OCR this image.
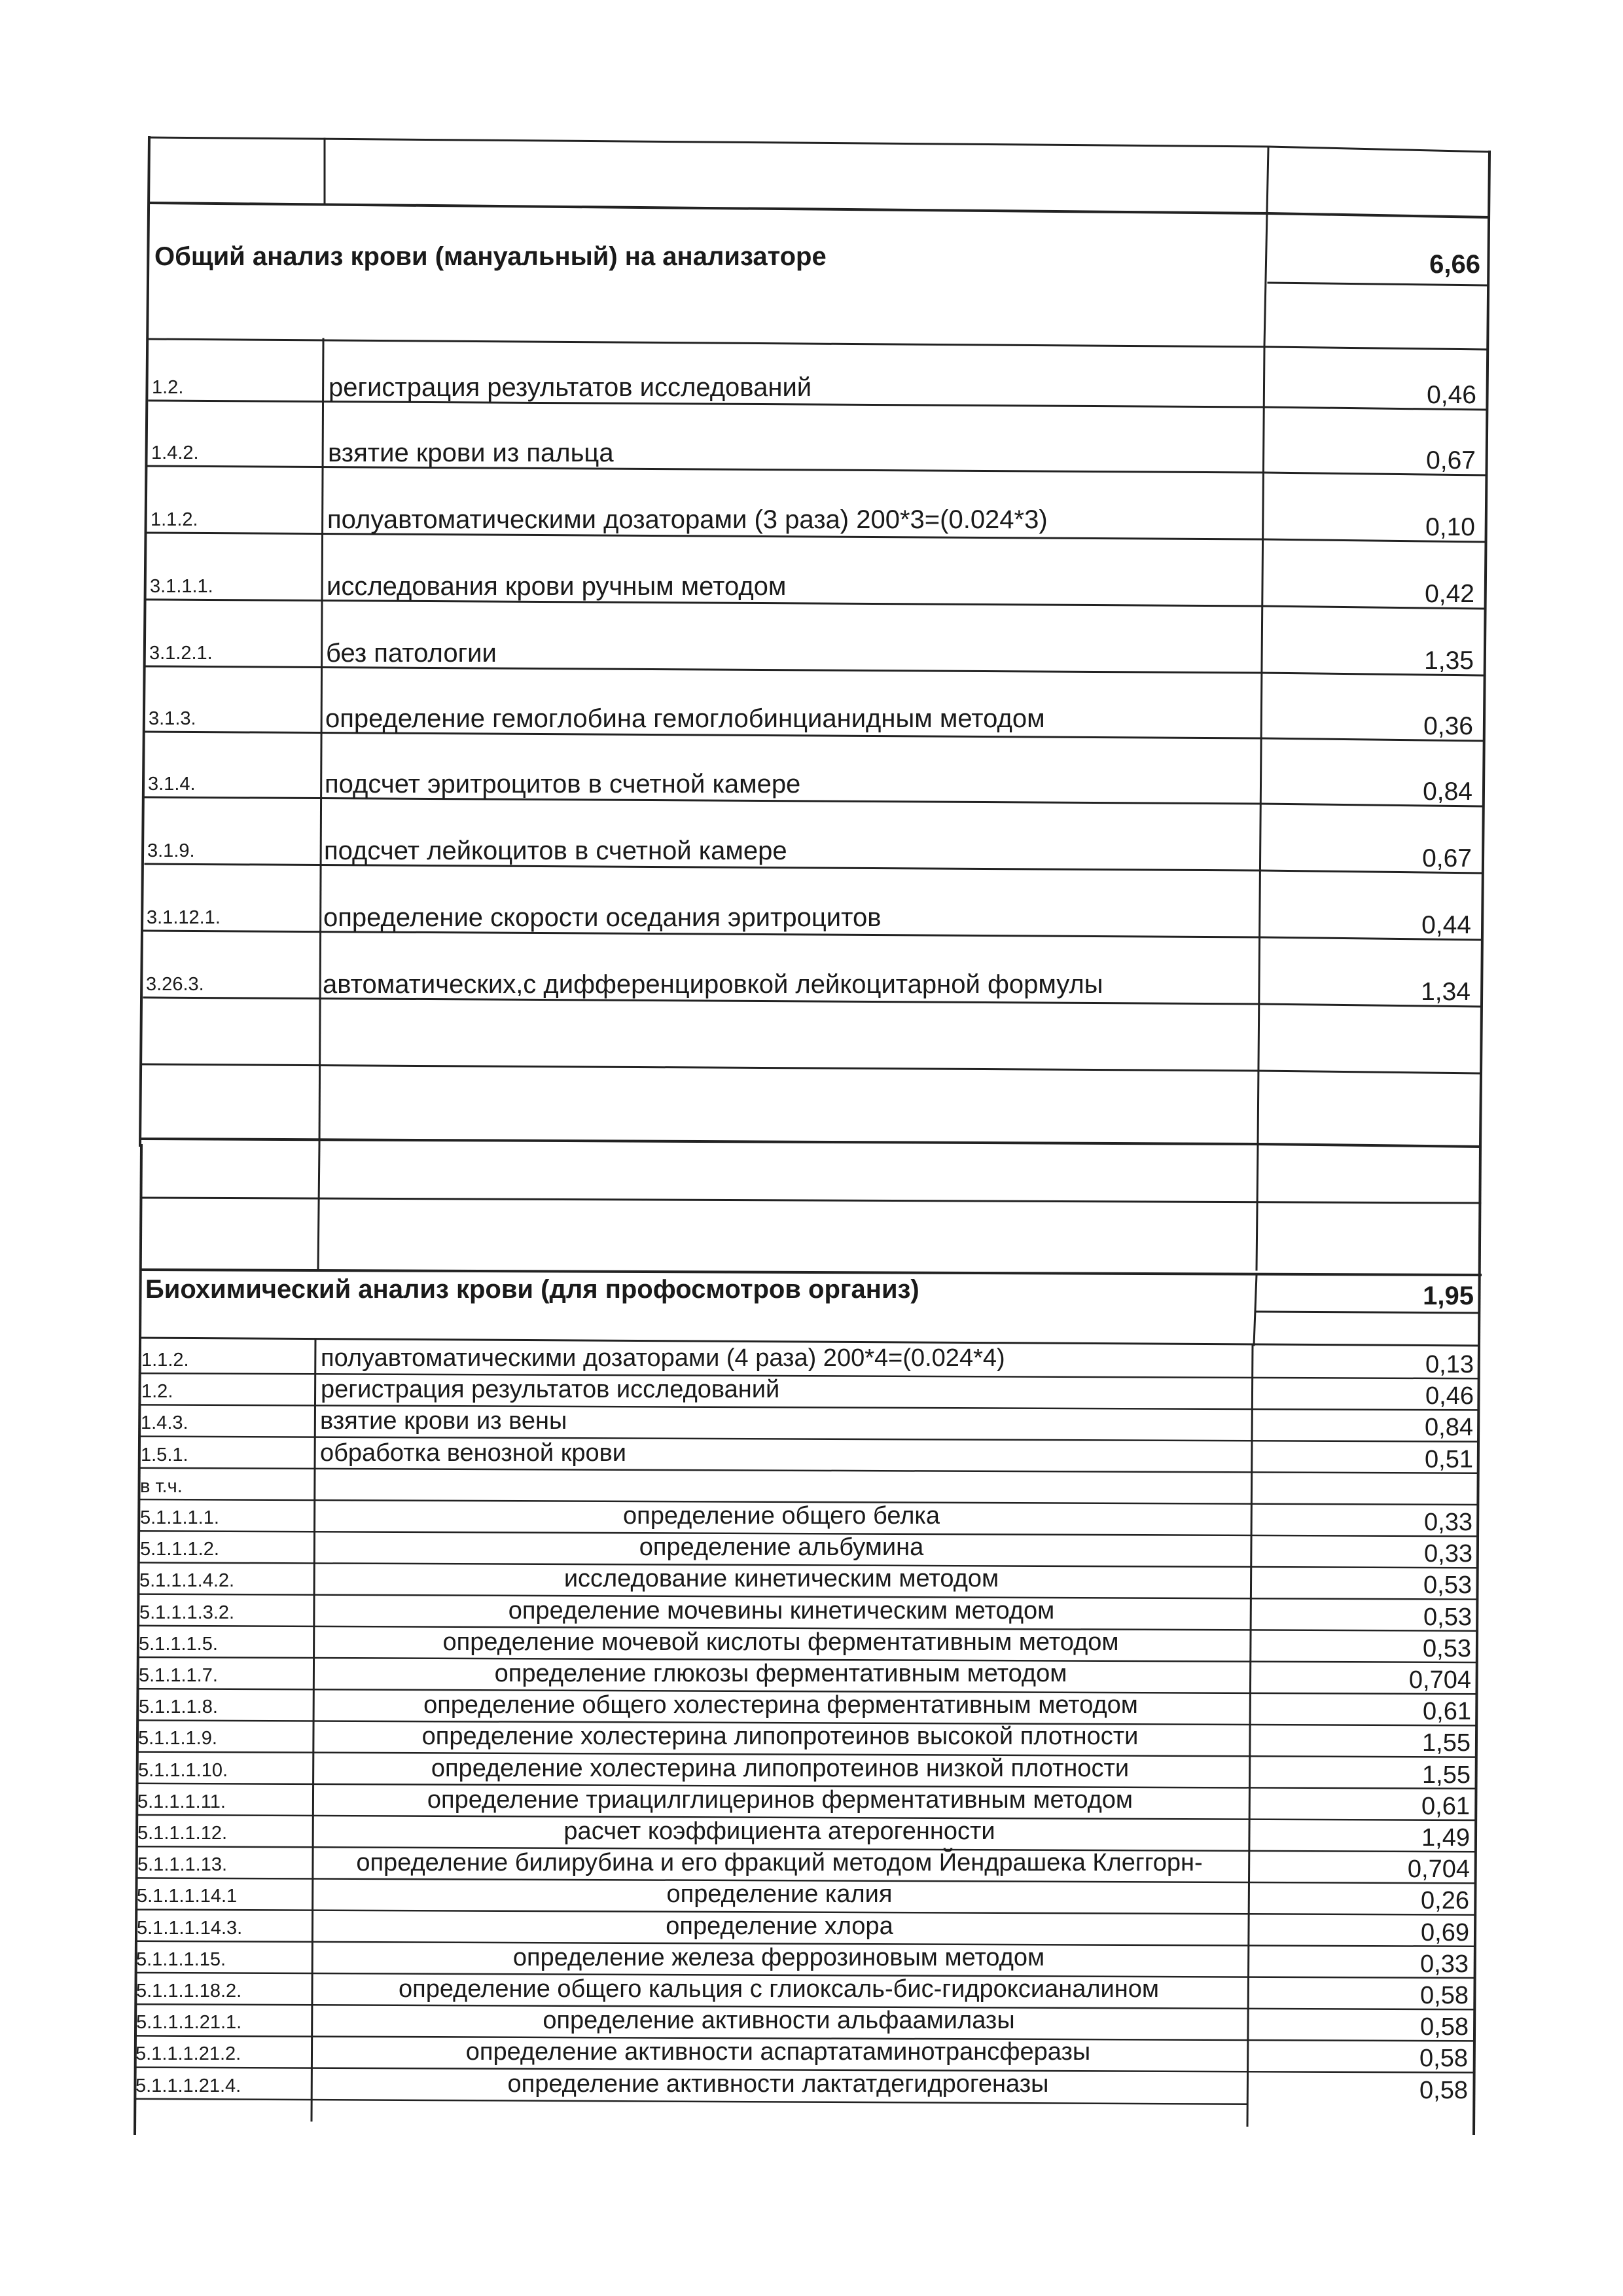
Общий анализ крови (мануальный) на анализаторе	6,66
1.2.	регистрация результатов исследований	0,46
1.4.2.	взятие крови из пальца	0,67
1.1.2.	полуавтоматическими дозаторами (3 раза) 200*3=(0.024*3)	0,10
3.1.1.1.	исследования крови ручным методом	0,42
3.1.2.1.	без патологии	1,35
3.1.3.	определение гемоглобина гемоглобинцианидным методом	0,36
3.1.4.	подсчет эритроцитов в счетной камере	0,84
3.1.9.	подсчет лейкоцитов в счетной камере	0,67
3.1.12.1.	определение скорости оседания эритроцитов	0,44
3.26.3.	автоматических,с дифференцировкой лейкоцитарной формулы	1,34
Биохимический анализ крови (для профосмотров организ)	1,95
1.1.2.	полуавтоматическими дозаторами (4 раза) 200*4=(0.024*4)	0,13
1.2.	регистрация результатов исследований	0,46
1.4.3.	взятие крови из вены	0,84
1.5.1.	обработка венозной крови	0,51
в т.ч.
5.1.1.1.1.	определение общего белка	0,33
5.1.1.1.2.	определение альбумина	0,33
5.1.1.1.4.2.	исследование кинетическим методом	0,53
5.1.1.1.3.2.	определение мочевины кинетическим методом	0,53
5.1.1.1.5.	определение мочевой кислоты ферментативным методом	0,53
5.1.1.1.7.	определение глюкозы ферментативным методом	0,704
5.1.1.1.8.	определение общего холестерина ферментативным методом	0,61
5.1.1.1.9.	определение холестерина липопротеинов высокой плотности	1,55
5.1.1.1.10.	определение холестерина липопротеинов низкой плотности	1,55
5.1.1.1.11.	определение триацилглицеринов ферментативным методом	0,61
5.1.1.1.12.	расчет коэффициента атерогенности	1,49
5.1.1.1.13.	определение билирубина и его фракций методом Йендрашека Клеггорн-	0,704
5.1.1.1.14.1	определение калия	0,26
5.1.1.1.14.3.	определение хлора	0,69
5.1.1.1.15.	определение железа феррозиновым методом	0,33
5.1.1.1.18.2.	определение общего кальция с глиоксаль-бис-гидроксианалином	0,58
5.1.1.1.21.1.	определение активности альфаамилазы	0,58
5.1.1.1.21.2.	определение активности аспартатаминотрансферазы	0,58
5.1.1.1.21.4.	определение активности лактатдегидрогеназы	0,58
